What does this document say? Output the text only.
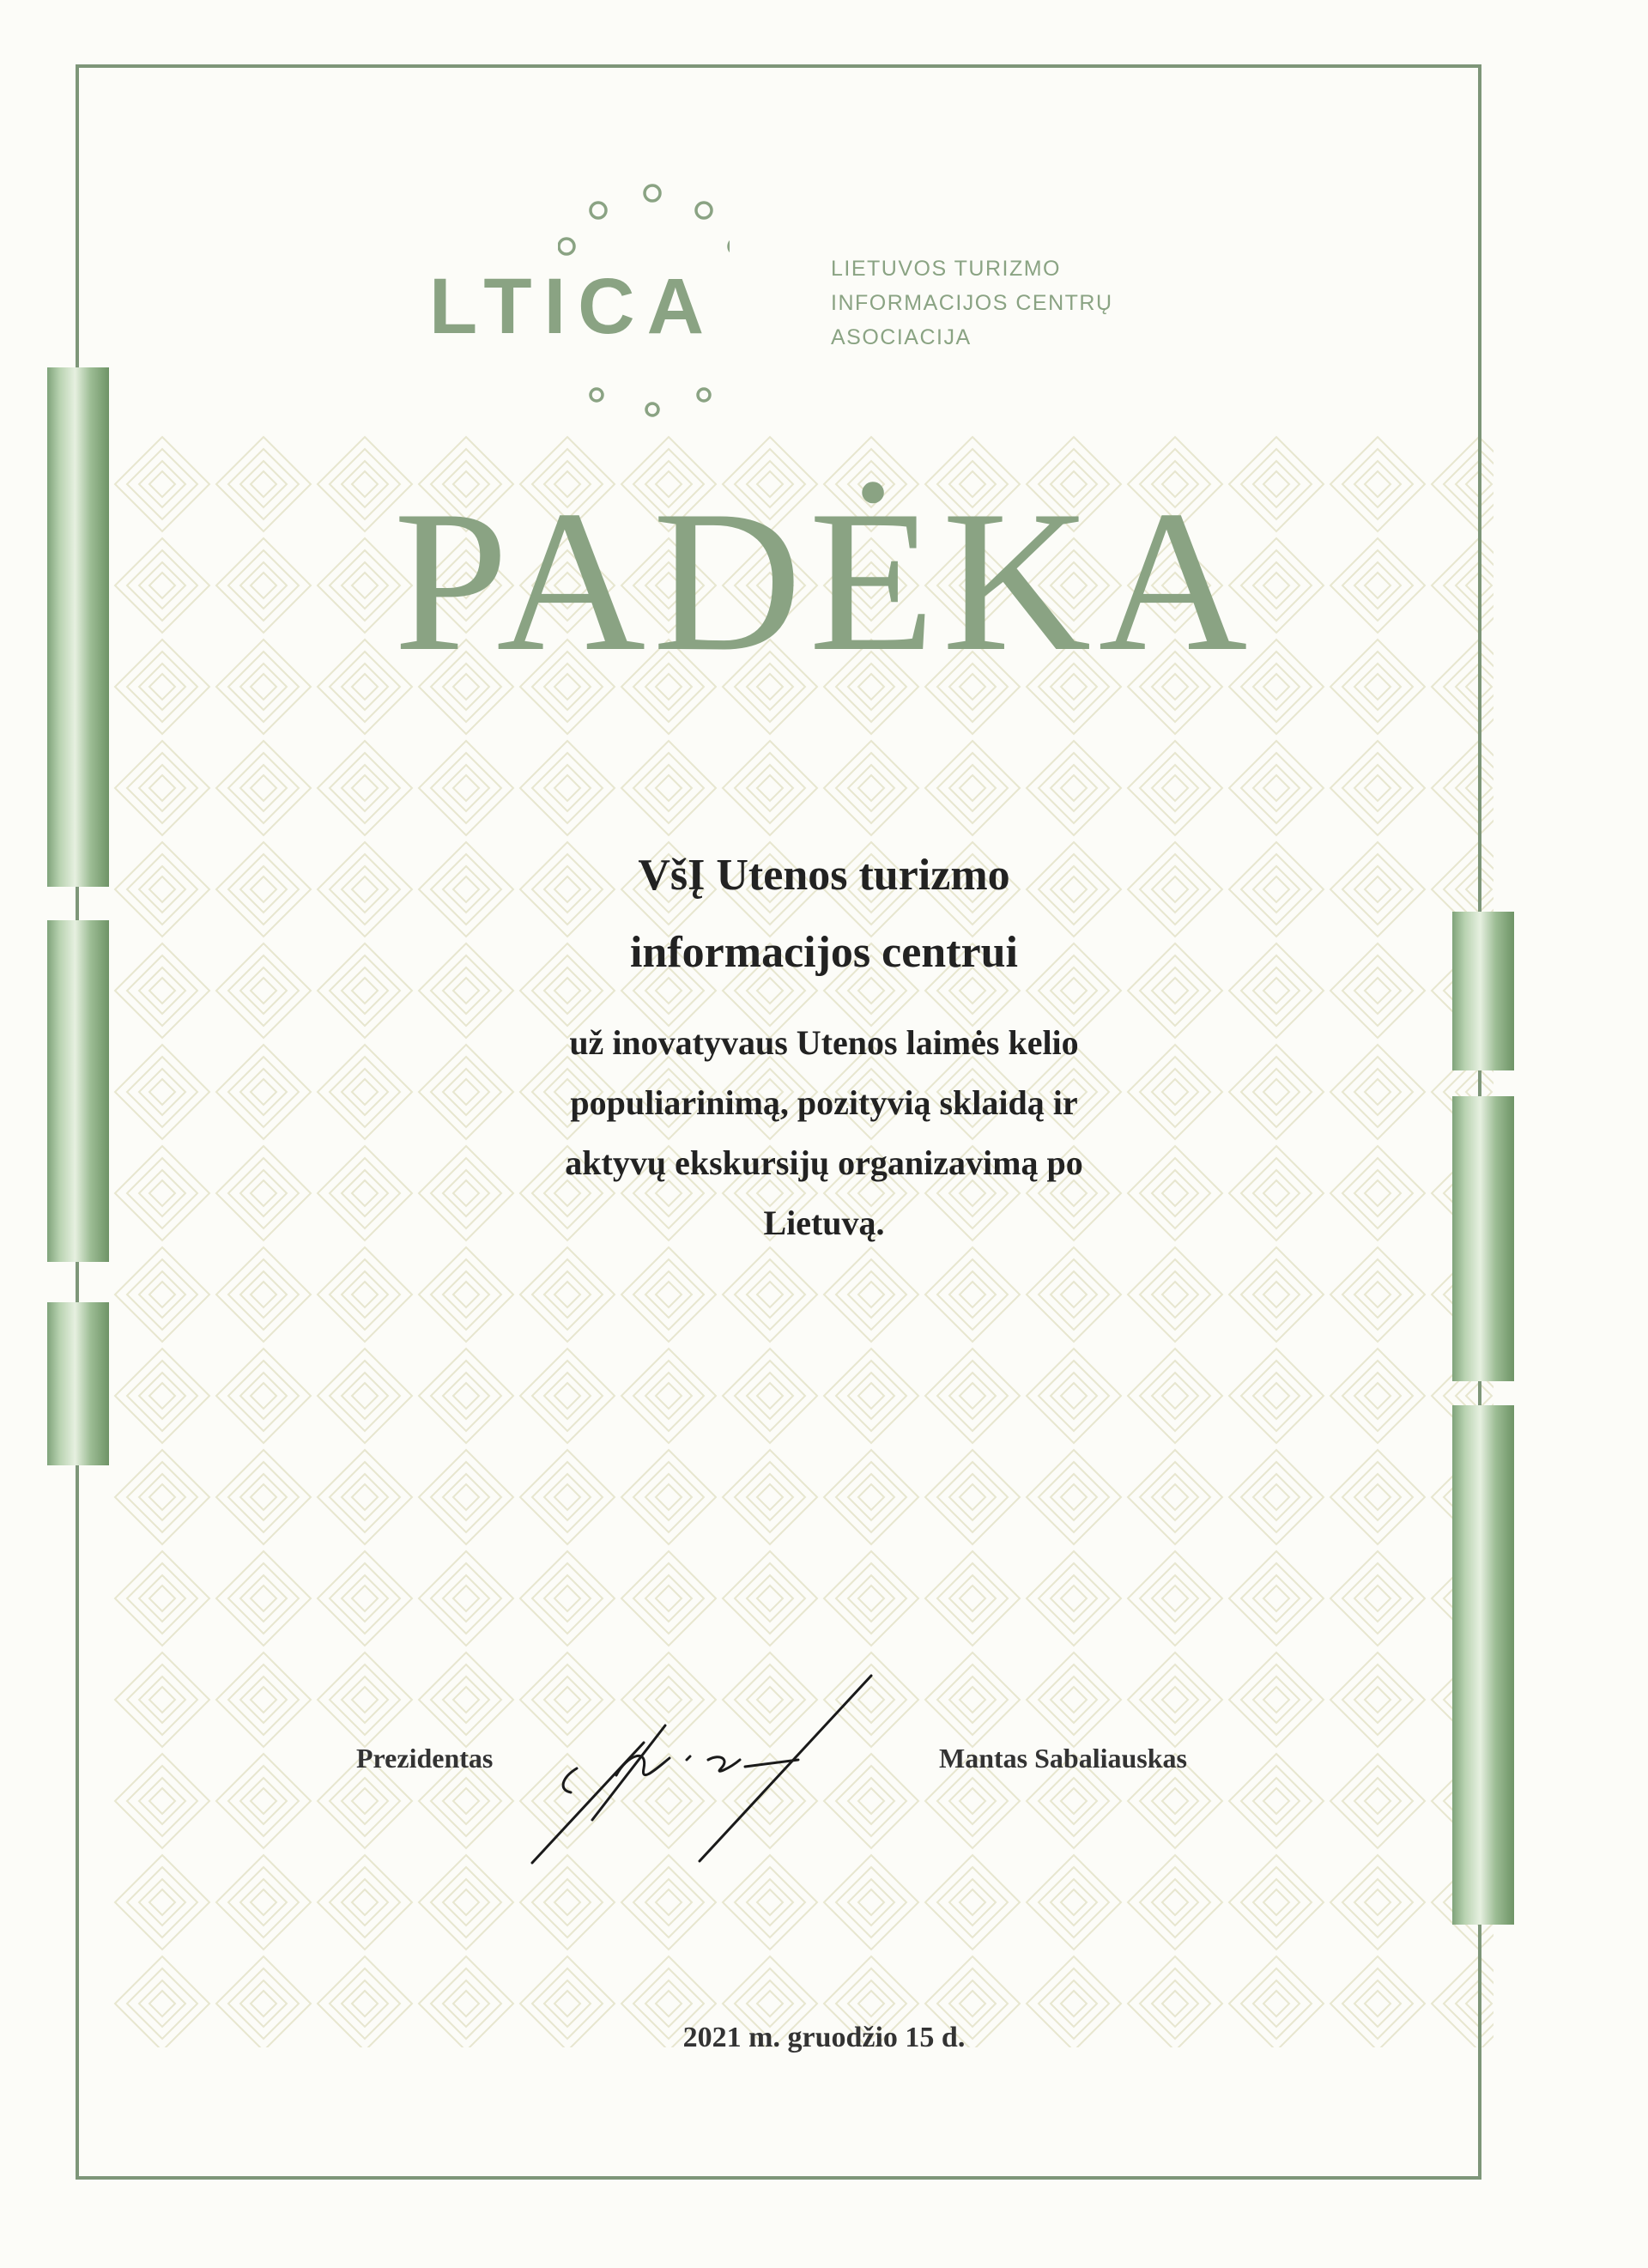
LTICA	LIETUVOS TURIZMO
INFORMACIJOS CENTRŲ
ASOCIACIJA
PADĖKA
VšĮ Utenos turizmo
informacijos centrui
už inovatyvaus Utenos laimės kelio
populiarinimą, pozityvią sklaidą ir
aktyvų ekskursijų organizavimą po
Lietuvą.
Prezidentas	Mantas Sabaliauskas
2021 m. gruodžio 15 d.
